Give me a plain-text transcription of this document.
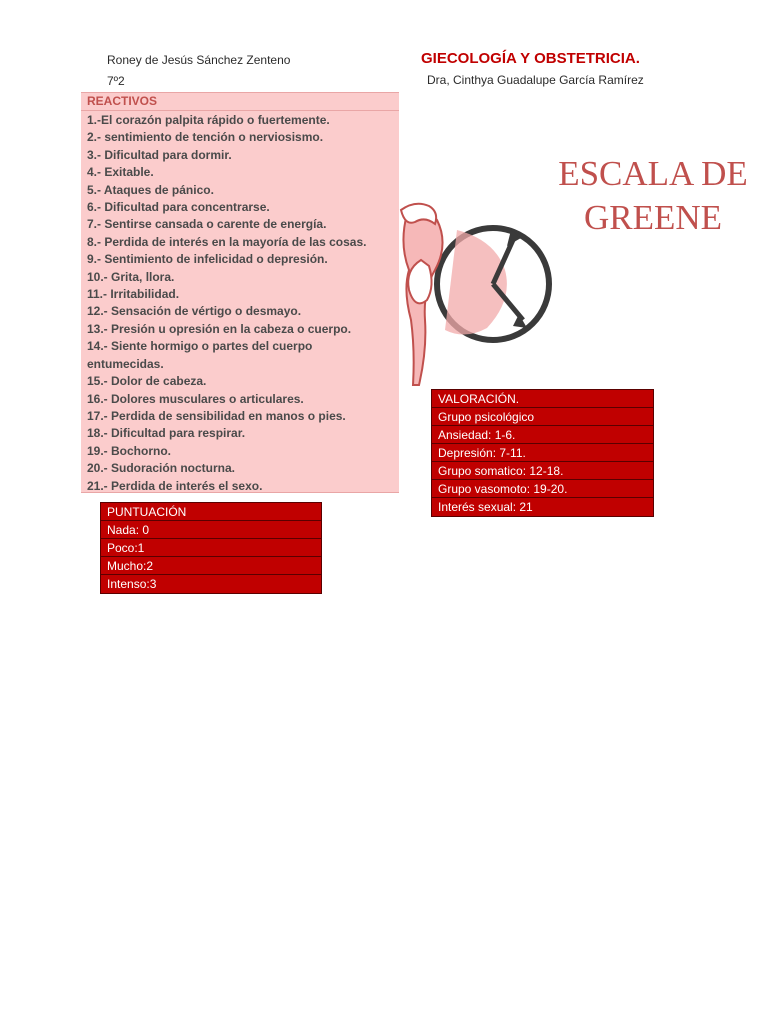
Roney de Jesús Sánchez Zenteno
7º2
GIECOLOGÍA Y OBSTETRICIA.
Dra, Cinthya Guadalupe García Ramírez
REACTIVOS
1.-El corazón palpita rápido o fuertemente.
2.- sentimiento de tención o nerviosismo.
3.- Dificultad para dormir.
4.- Exitable.
5.- Ataques de pánico.
6.- Dificultad para concentrarse.
7.- Sentirse cansada o carente de energía.
8.- Perdida de interés en la mayoría de las cosas.
9.- Sentimiento de infelicidad o depresión.
10.- Grita, llora.
11.- Irritabilidad.
12.- Sensación de vértigo o desmayo.
13.- Presión u opresión en la cabeza o cuerpo.
14.- Siente hormigo o partes del cuerpo
entumecidas.
15.- Dolor de cabeza.
16.- Dolores musculares o articulares.
17.- Perdida de sensibilidad en manos o pies.
18.- Dificultad para respirar.
19.- Bochorno.
20.- Sudoración nocturna.
21.- Perdida de interés el sexo.
ESCALA DE
GREENE
VALORACIÓN.
Grupo psicológico
Ansiedad: 1-6.
Depresión: 7-11.
Grupo somatico: 12-18.
Grupo vasomoto: 19-20.
Interés sexual: 21
PUNTUACIÓN
Nada: 0
Poco:1
Mucho:2
Intenso:3
